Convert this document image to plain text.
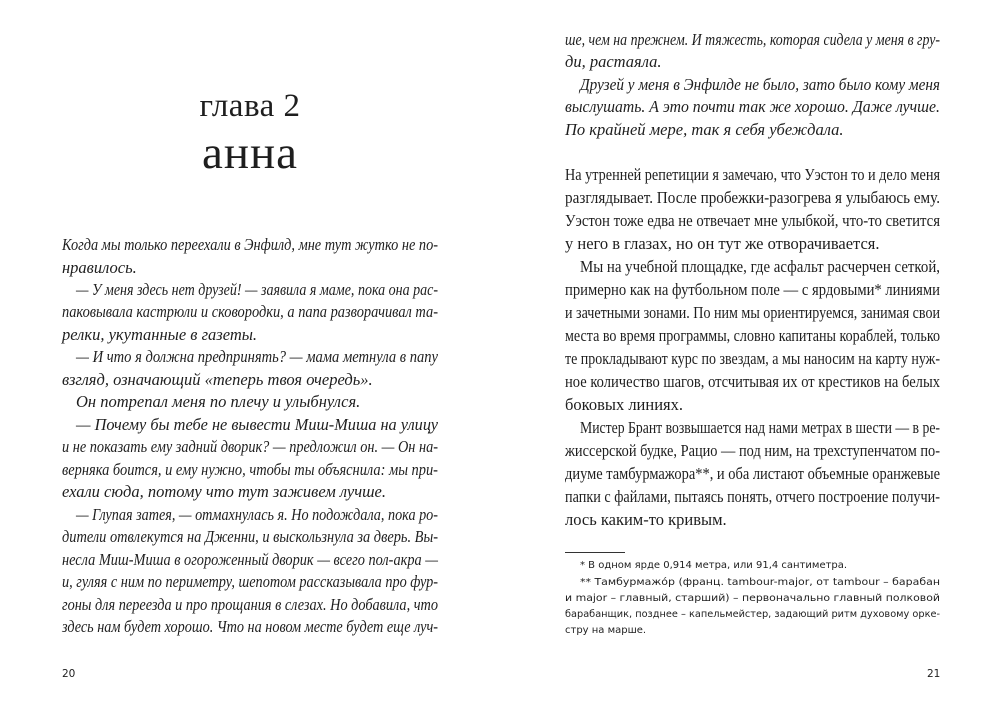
глава 2
анна
Когда мы только переехали в Энфилд, мне тут жутко не по-
нравилось.
— У меня здесь нет друзей! — заявила я маме, пока она рас-
паковывала кастрюли и сковородки, а папа разворачивал та-
релки, укутанные в газеты.
— И что я должна предпринять? — мама метнула в папу
взгляд, означающий «теперь твоя очередь».
Он потрепал меня по плечу и улыбнулся.
— Почему бы тебе не вывести Миш-Миша на улицу
и не показать ему задний дворик? — предложил он. — Он на-
верняка боится, и ему нужно, чтобы ты объяснила: мы при-
ехали сюда, потому что тут заживем лучше.
— Глупая затея, — отмахнулась я. Но подождала, пока ро-
дители отвлекутся на Дженни, и выскользнула за дверь. Вы-
несла Миш-Миша в огороженный дворик — всего пол-акра —
и, гуляя с ним по периметру, шепотом рассказывала про фур-
гоны для переезда и про прощания в слезах. Но добавила, что
здесь нам будет хорошо. Что на новом месте будет еще луч-
20	21
ше, чем на прежнем. И тяжесть, которая сидела у меня в гру-
ди, растаяла.
Друзей у меня в Энфилде не было, зато было кому меня
выслушать. А это почти так же хорошо. Даже лучше.
По крайней мере, так я себя убеждала.
На утренней репетиции я замечаю, что Уэстон то и дело меня
разглядывает. После пробежки-разогрева я улыбаюсь ему.
Уэстон тоже едва не отвечает мне улыбкой, что-то светится
у него в глазах, но он тут же отворачивается.
Мы на учебной площадке, где асфальт расчерчен сеткой,
примерно как на футбольном поле — с ярдовыми* линиями
и зачетными зонами. По ним мы ориентируемся, занимая свои
места во время программы, словно капитаны кораблей, только
те прокладывают курс по звездам, а мы наносим на карту нуж-
ное количество шагов, отсчитывая их от крестиков на белых
боковых линиях.
Мистер Брант возвышается над нами метрах в шести — в ре-
жиссерской будке, Рацио — под ним, на трехступенчатом по-
диуме тамбурмажора**, и оба листают объемные оранжевые
папки с файлами, пытаясь понять, отчего построение получи-
лось каким-то кривым.
* В одном ярде 0,914 метра, или 91,4 сантиметра.
** Тамбурмажóр (франц. tambour-major, от tambour – барабан
и major – главный, старший) – первоначально главный полковой
барабанщик, позднее – капельмейстер, задающий ритм духовому орке-
стру на марше.
